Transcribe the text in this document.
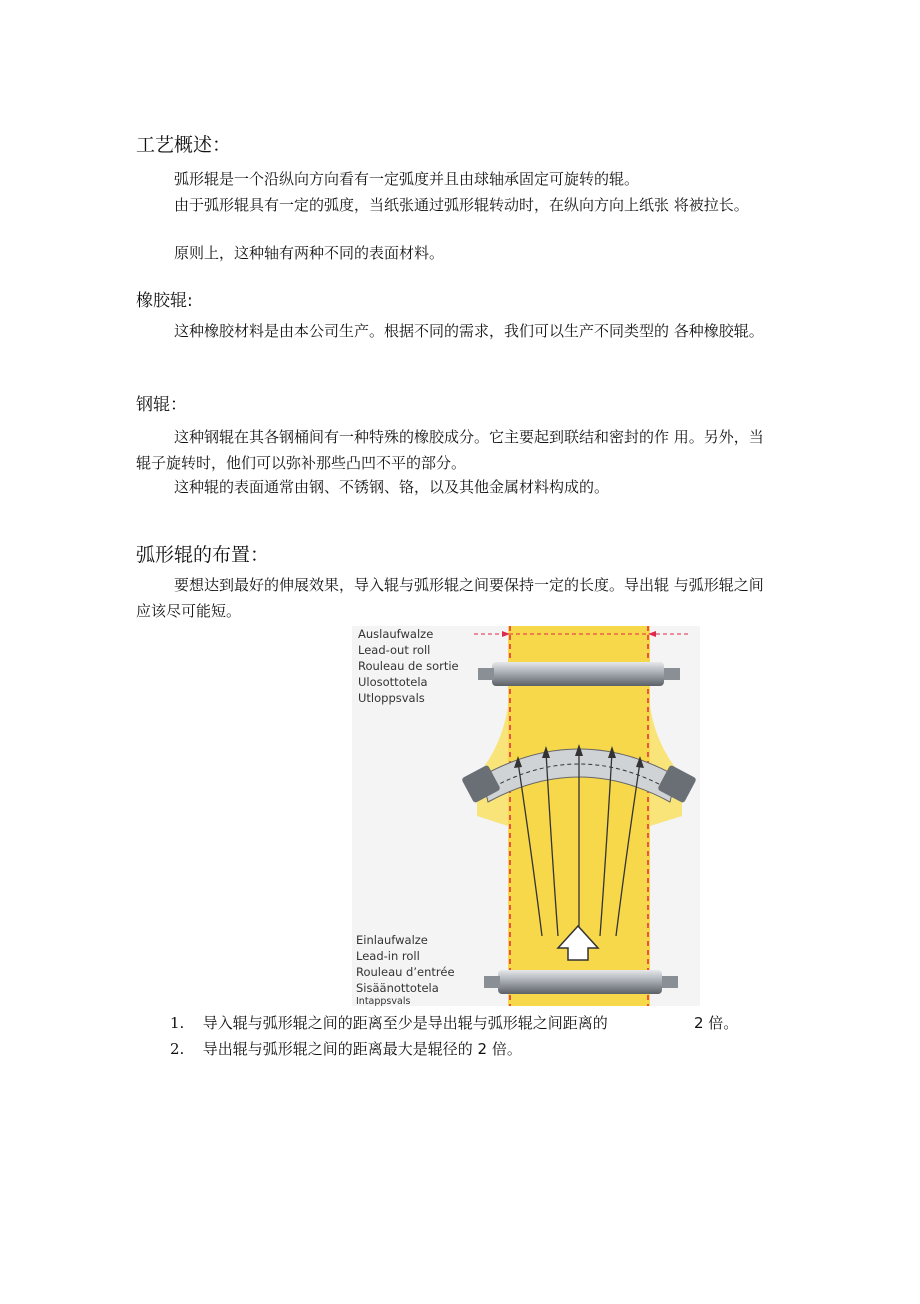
工艺概述：

弧形辊是一个沿纵向方向看有一定弧度并且由球轴承固定可旋转的辊。

由于弧形辊具有一定的弧度，当纸张通过弧形辊转动时，在纵向方向上纸张 将被拉长。

原则上，这种轴有两种不同的表面材料。

橡胶辊:

这种橡胶材料是由本公司生产。根据不同的需求，我们可以生产不同类型的 各种橡胶辊。

钢辊：

这种钢辊在其各钢桶间有一种特殊的橡胶成分。它主要起到联结和密封的作 用。另外，当辊子旋转时，他们可以弥补那些凸凹不平的部分。

这种辊的表面通常由钢、不锈钢、铬，以及其他金属材料构成的。

弧形辊的布置：

要想达到最好的伸展效果，导入辊与弧形辊之间要保持一定的长度。导出辊 与弧形辊之间应该尽可能短。

Auslaufwalze
Lead-out roll
Rouleau de sortie
Ulosottotela
Utloppsvals
Einlaufwalze
Lead-in roll
Rouleau d’entrée
Sisäänottotela
Intappsvals
1. 导入辊与弧形辊之间的距离至少是导出辊与弧形辊之间距离的	2 倍。
2. 导出辊与弧形辊之间的距离最大是辊径的 2 倍。
